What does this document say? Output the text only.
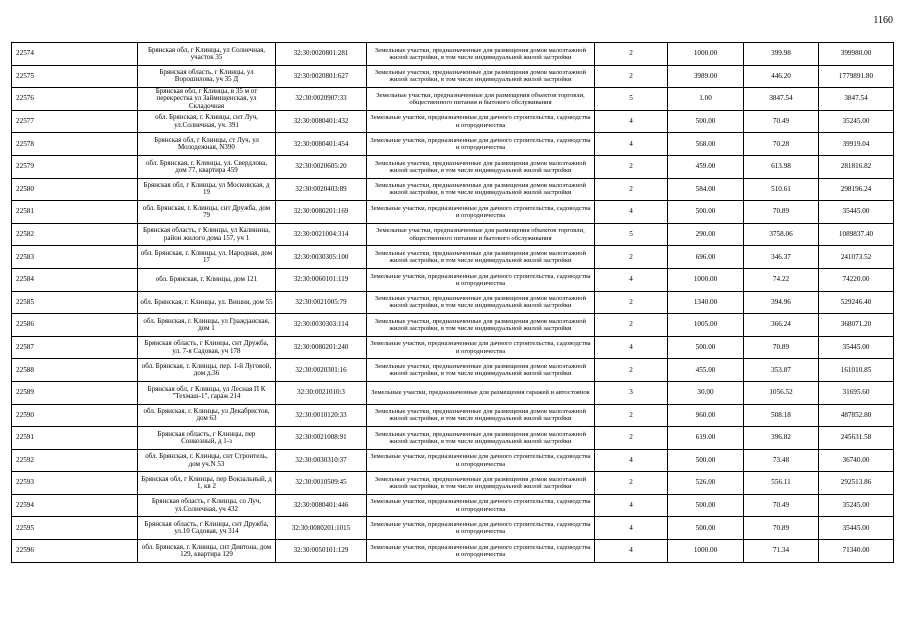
1160
22574	Брянская обл, г Клинцы, ул Солнечная, участок 35	32:30:0020801:281	Земельные участки, предназначенные для размещения домов малоэтажной жилой застройки, в том числе индивидуальной жилой застройки	2	1000.00	399.98	399980.00
22575	Брянская область, г Клинцы, ул Ворошилова, уч 35 Д	32:30:0020801:627	Земельные участки, предназначенные для размещения домов малоэтажной жилой застройки, в том числе индивидуальной жилой застройки	2	3989.00	446.20	1779891.80
22576	Брянская обл, г Клинцы, в 35 м от перекрестка ул Займищенская, ул Складочная	32:30:0020907:33	Земельные участки, предназначенные для размещения объектов торговли, общественного питания и бытового обслуживания	5	1.00	3847.54	3847.54
22577	обл. Брянская, г. Клинцы, снт Луч, ул.Солнечная, уч. 391	32:30:0080401:432	Земельные участки, предназначенные для дачного строительства, садоводства и огородничества	4	500.00	70.49	35245.00
22578	Брянская обл, г Клинцы, ст Луч, ул Молодежная, N390	32:30:0080401:454	Земельные участки, предназначенные для дачного строительства, садоводства и огородничества	4	568.00	70.28	39919.04
22579	обл. Брянская, г. Клинцы, ул. Свердлова, дом 77, квартира 459	32:30:0020605:20	Земельные участки, предназначенные для размещения домов малоэтажной жилой застройки, в том числе индивидуальной жилой застройки	2	459.00	613.98	281816.82
22580	Брянская обл, г Клинцы, ул Московская, д 19	32:30:0020403:89	Земельные участки, предназначенные для размещения домов малоэтажной жилой застройки, в том числе индивидуальной жилой застройки	2	584.00	510.61	298196.24
22581	обл. Брянская, г. Клинцы, снт Дружба, дом 79	32:30:0080201:169	Земельные участки, предназначенные для дачного строительства, садоводства и огородничества	4	500.00	70.89	35445.00
22582	Брянская область, г Клинцы, ул Калинина, район жилого дома 157, уч 1	32:30:0021004:314	Земельные участки, предназначенные для размещения объектов торговли, общественного питания и бытового обслуживания	5	290.00	3758.06	1089837.40
22583	обл. Брянская, г. Клинцы, ул. Народная, дом 17	32:30:0030305:100	Земельные участки, предназначенные для размещения домов малоэтажной жилой застройки, в том числе индивидуальной жилой застройки	2	696.00	346.37	241073.52
22584	обл. Брянская, г. Клинцы, дом 121	32:30:0060101:119	Земельные участки, предназначенные для дачного строительства, садоводства и огородничества	4	1000.00	74.22	74220.00
22585	обл. Брянская, г. Клинцы, ул. Вишня, дом 55	32:30:0021005:79	Земельные участки, предназначенные для размещения домов малоэтажной жилой застройки, в том числе индивидуальной жилой застройки	2	1340.00	394.96	529246.40
22586	обл. Брянская, г. Клинцы, ул Гражданская, дом 1	32:30:0030303:114	Земельные участки, предназначенные для размещения домов малоэтажной жилой застройки, в том числе индивидуальной жилой застройки	2	1005.00	366.24	368071.20
22587	Брянская область, г Клинцы, снт Дружба, ул. 7-я Садовая, уч 178	32:30:0080201:240	Земельные участки, предназначенные для дачного строительства, садоводства и огородничества	4	500.00	70.89	35445.00
22588	обл. Брянская, г. Клинцы, пер. 1-й Луговой, дом д.36	32:30:0020301:16	Земельные участки, предназначенные для размещения домов малоэтажной жилой застройки, в том числе индивидуальной жилой застройки	2	455.00	353.87	161010.85
22589	Брянская обл, г Клинцы, ул Лесная П К "Техмаш-1", гараж 214	32:30:0021010:3	Земельные участки, предназначенные для размещения гаражей и автостоянок	3	30.00	1056.52	31695.60
22590	обл. Брянская, г. Клинцы, ул Декабристов, дом 63	32:30:0010120:33	Земельные участки, предназначенные для размещения домов малоэтажной жилой застройки, в том числе индивидуальной жилой застройки	2	960.00	508.18	487852.80
22591	Брянская область, г Клинцы, пер Сонкозный, д 1-з	32:30:0021008:91	Земельные участки, предназначенные для размещения домов малоэтажной жилой застройки, в том числе индивидуальной жилой застройки	2	619.00	396.82	245631.58
22592	обл. Брянская, г. Клинцы, снт Строитель, дом уч.N 53	32:30:0030310:37	Земельные участки, предназначенные для дачного строительства, садоводства и огородничества	4	500.00	73.48	36740.00
22593	Брянская обл, г Клинцы, пер Вокзальный, д 1, кв 2	32:30:0010509:45	Земельные участки, предназначенные для размещения домов малоэтажной жилой застройки, в том числе индивидуальной жилой застройки	2	526.00	556.11	292513.86
22594	Брянская область, г Клинцы, со Луч, ул.Солнечная, уч 432	32:30:0080401:446	Земельные участки, предназначенные для дачного строительства, садоводства и огородничества	4	500.00	70.49	35245.00
22595	Брянская область, г Клинцы, снт Дружба, ул.10 Садовая, уч 314	32:30:0080201:1015	Земельные участки, предназначенные для дачного строительства, садоводства и огородничества	4	500.00	70.89	35445.00
22596	обл. Брянская, г. Клинцы, снт Дивтона, дом 129, квартира 129	32:30:0050101:129	Земельные участки, предназначенные для дачного строительства, садоводства и огородничества	4	1000.00	71.34	71340.00
